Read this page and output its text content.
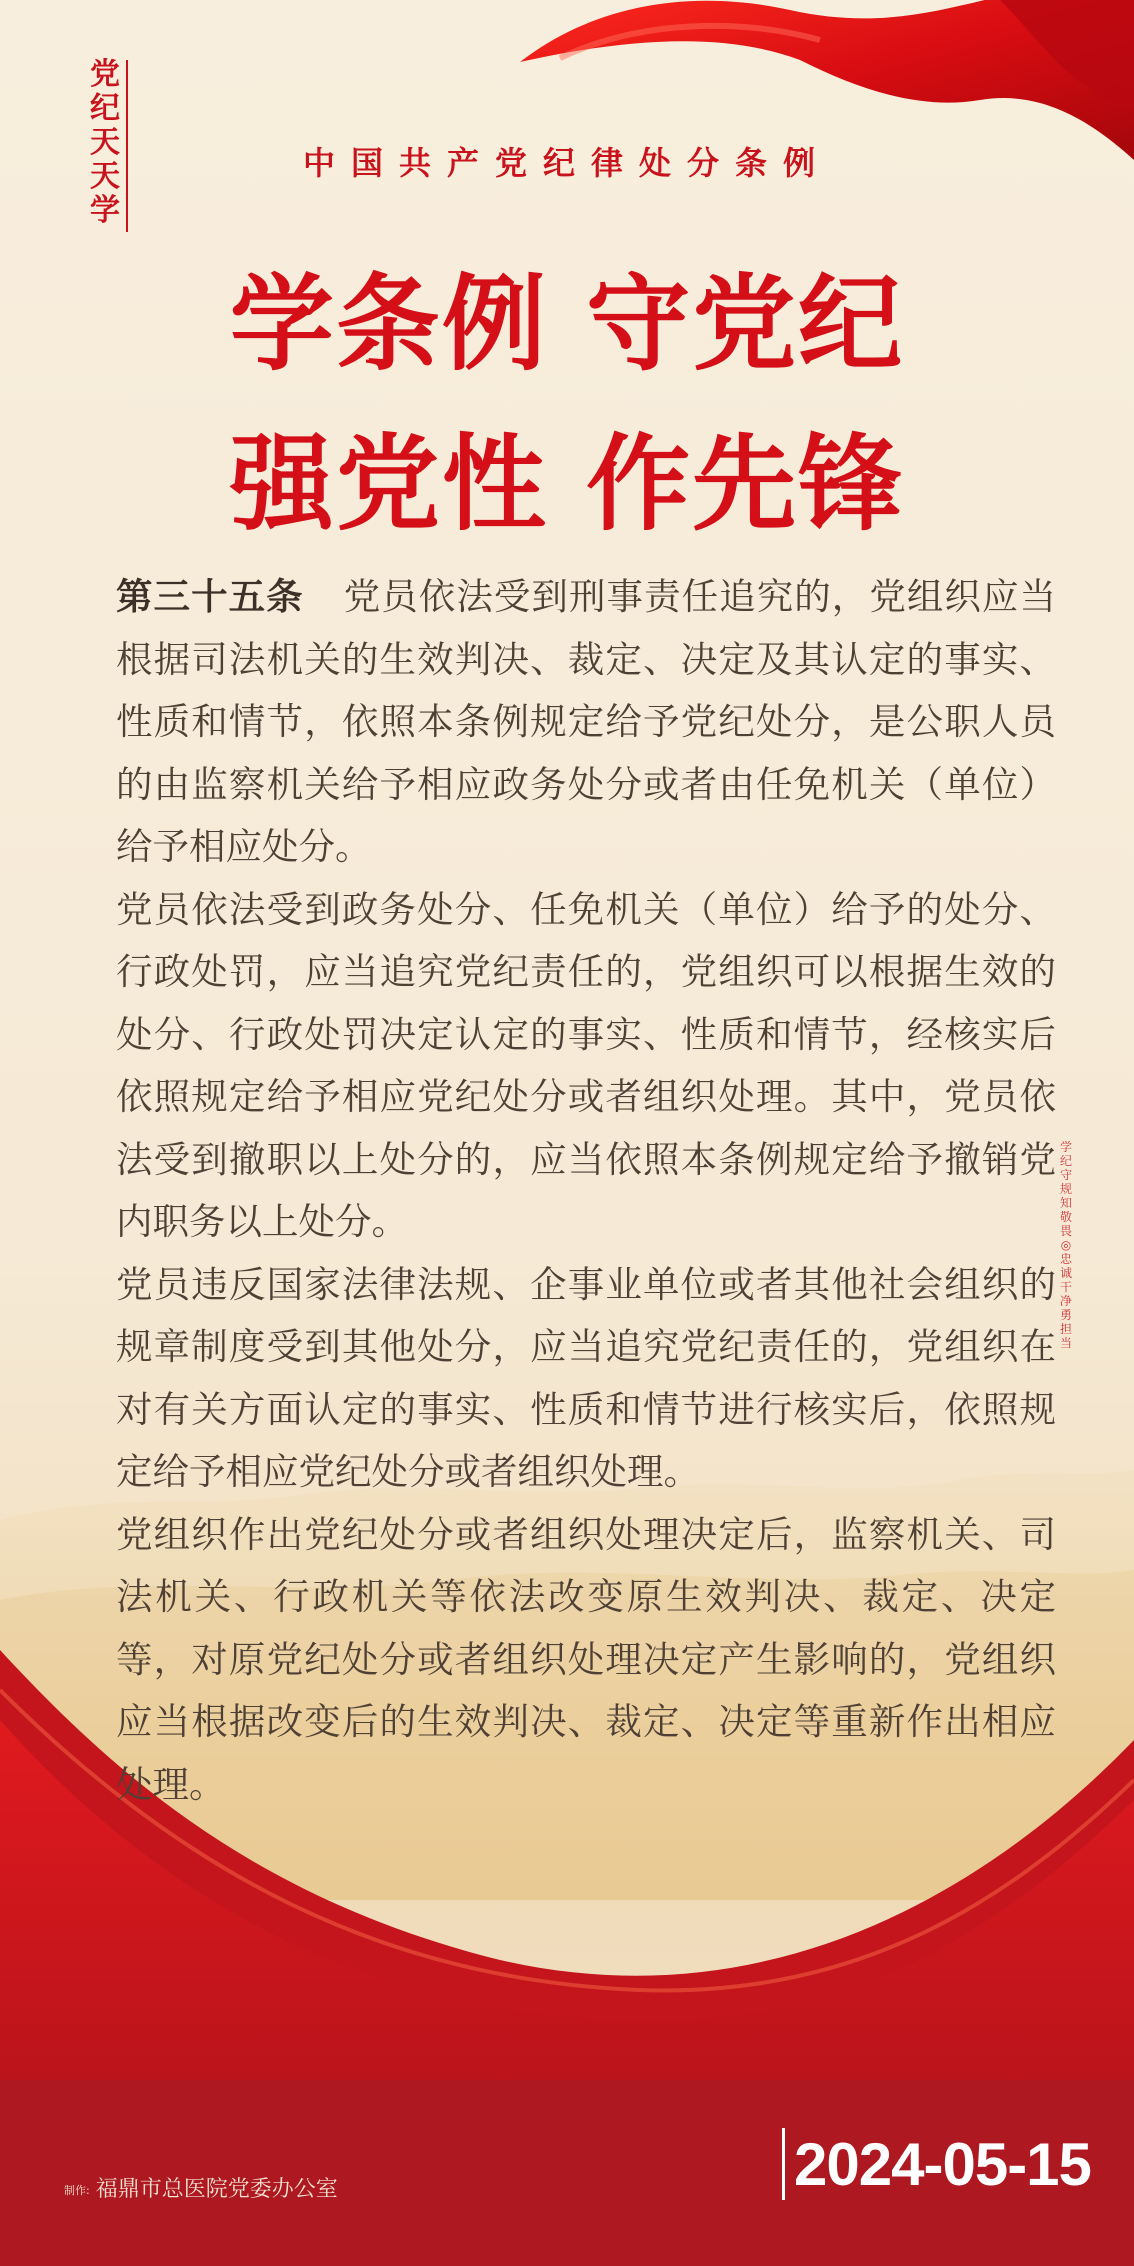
党纪天天学
中国共产党纪律处分条例
学条例 守党纪
强党性 作先锋

第三十五条 党员依法受到刑事责任追究的，党组织应当根据司法机关的生效判决、裁定、决定及其认定的事实、性质和情节，依照本条例规定给予党纪处分，是公职人员的由监察机关给予相应政务处分或者由任免机关（单位）给予相应处分。

党员依法受到政务处分、任免机关（单位）给予的处分、行政处罚，应当追究党纪责任的，党组织可以根据生效的处分、行政处罚决定认定的事实、性质和情节，经核实后依照规定给予相应党纪处分或者组织处理。其中，党员依法受到撤职以上处分的，应当依照本条例规定给予撤销党内职务以上处分。

党员违反国家法律法规、企事业单位或者其他社会组织的规章制度受到其他处分，应当追究党纪责任的，党组织在对有关方面认定的事实、性质和情节进行核实后，依照规定给予相应党纪处分或者组织处理。

党组织作出党纪处分或者组织处理决定后，监察机关、司法机关、行政机关等依法改变原生效判决、裁定、决定等，对原党纪处分或者组织处理决定产生影响的，党组织应当根据改变后的生效判决、裁定、决定等重新作出相应处理。

学纪守规知敬畏◎忠诚干净勇担当
制作: 福鼎市总医院党委办公室	2024-05-15
